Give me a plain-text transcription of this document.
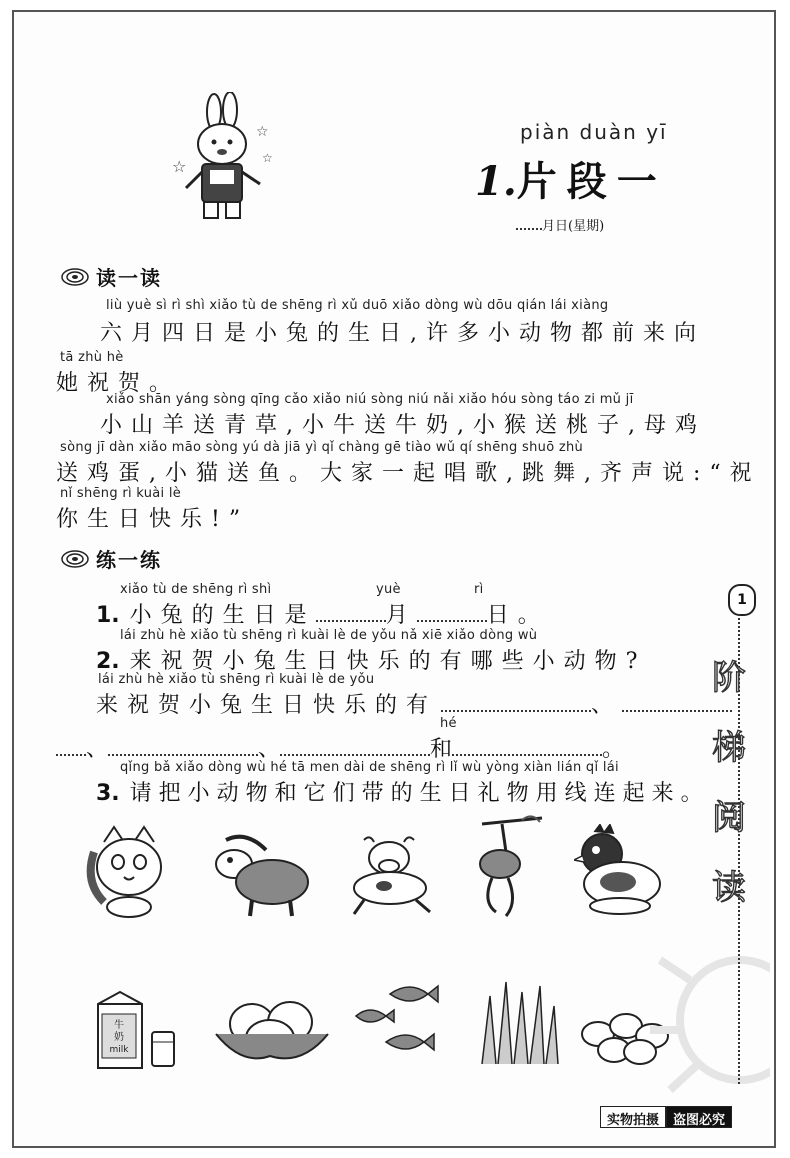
☆
☆
☆
piàn duàn yī
1.片段一
月日(星期)
读一读
liù yuè sì rì shì xiǎo tù de shēng rì xǔ duō xiǎo dòng wù dōu qián lái xiàng
六月四日是小兔的生日,许多小动物都前来向
tā zhù hè
她祝贺。
xiǎo shān yáng sòng qīng cǎo xiǎo niú sòng niú nǎi xiǎo hóu sòng táo zi mǔ jī
小山羊送青草,小牛送牛奶,小猴送桃子,母鸡
sòng jī dàn xiǎo māo sòng yú dà jiā yì qǐ chàng gē tiào wǔ qí shēng shuō zhù
送鸡蛋,小猫送鱼。大家一起唱歌,跳舞,齐声说:“祝
nǐ shēng rì kuài lè
你生日快乐!”
练一练
xiǎo tù de shēng rì shì	yuè	rì
1. 小兔的生日是	月	日。
lái zhù hè xiǎo tù shēng rì kuài lè de yǒu nǎ xiē xiǎo dòng wù
2. 来祝贺小兔生日快乐的有哪些小动物?
lái zhù hè xiǎo tù shēng rì kuài lè de yǒu
来祝贺小兔生日快乐的有	、
hé
、	、	和	。
qǐng bǎ xiǎo dòng wù hé tā men dài de shēng rì lǐ wù yòng xiàn lián qǐ lái
3. 请把小动物和它们带的生日礼物用线连起来。
牛
奶
milk
1
阶
梯
阅
读
实物拍摄	盗图必究
